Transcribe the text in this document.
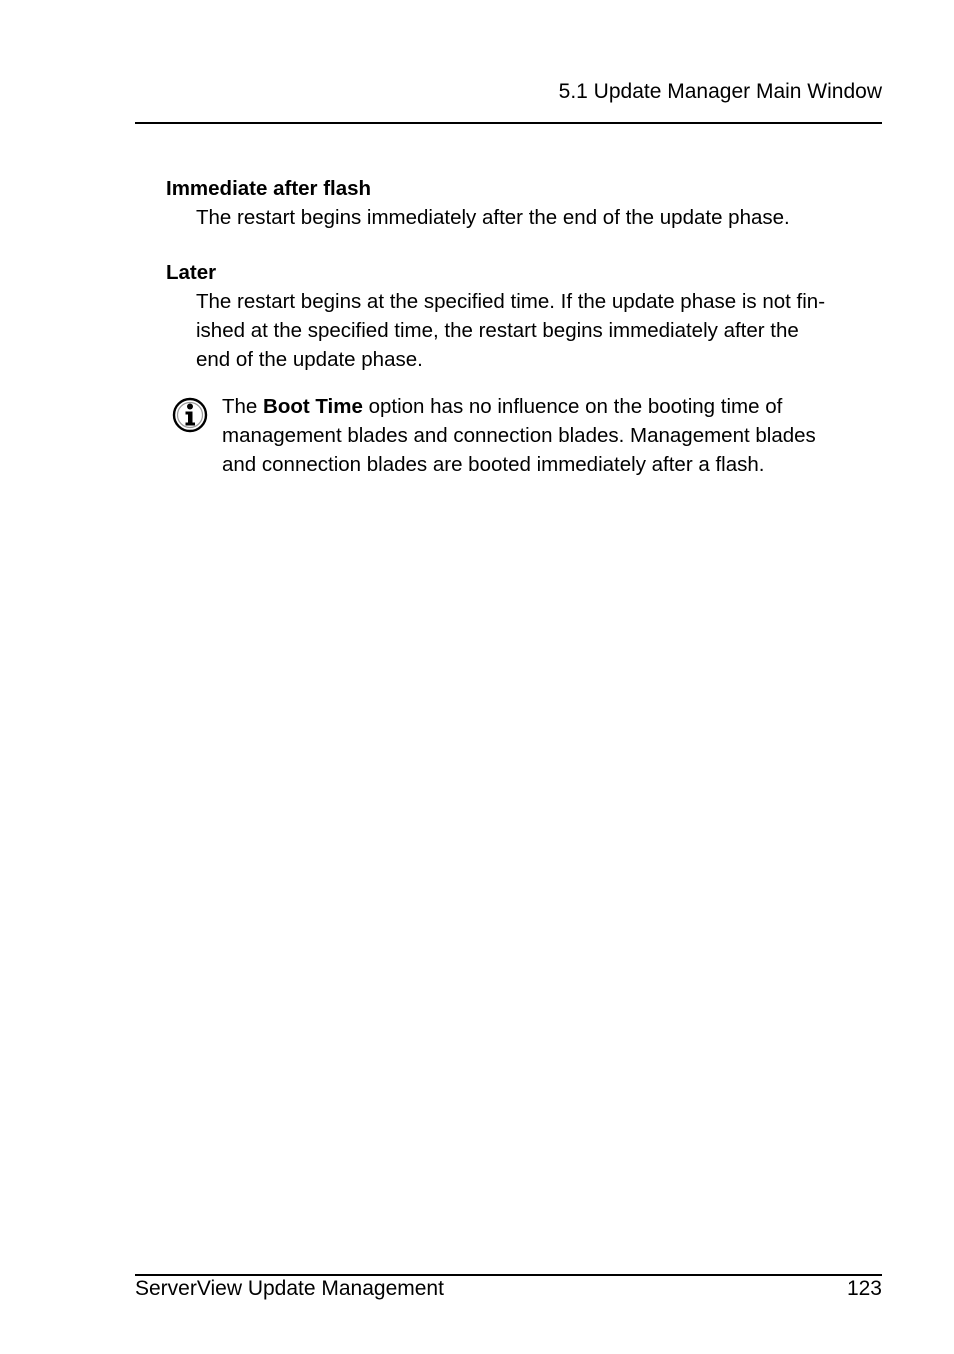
5.1 Update Manager Main Window
Immediate after flash
The restart begins immediately after the end of the update phase.
Later
The restart begins at the specified time. If the update phase is not fin-
ished at the specified time, the restart begins immediately after the
end of the update phase.
The Boot Time option has no influence on the booting time of
management blades and connection blades. Management blades
and connection blades are booted immediately after a flash.
ServerView Update Management	123
